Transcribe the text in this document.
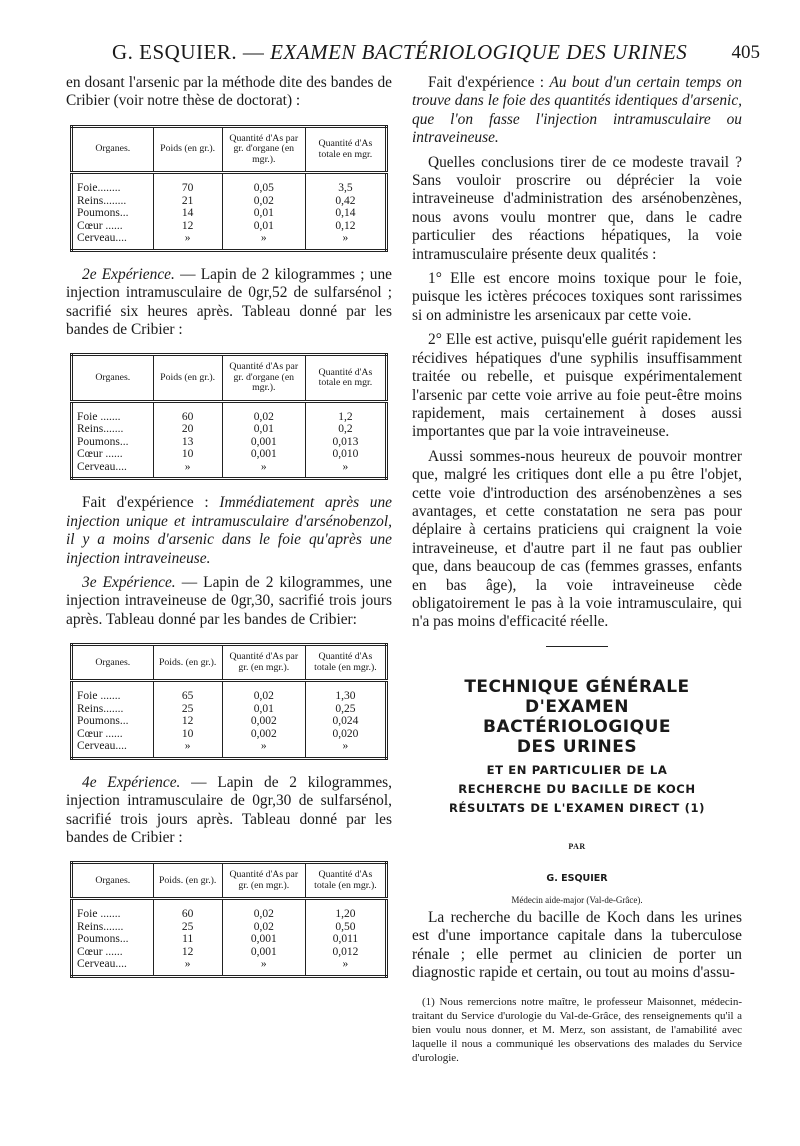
G. ESQUIER. — EXAMEN BACTÉRIOLOGIQUE DES URINES 405

en dosant l'arsenic par la méthode dite des bandes de Cribier (voir notre thèse de doctorat) :

Organes.	Poids (en gr.).	Quantité d'As par gr. d'organe (en mgr.).	Quantité d'As totale en mgr.
Foie........	70	0,05	3,5
Reins........	21	0,02	0,42
Poumons...	14	0,01	0,14
Cœur ......	12	0,01	0,12
Cerveau....	»	»	»

2e Expérience. — Lapin de 2 kilogrammes ; une injection intramusculaire de 0gr,52 de sulfarsénol ; sacrifié six heures après. Tableau donné par les bandes de Cribier :

Organes.	Poids (en gr.).	Quantité d'As par gr. d'organe (en mgr.).	Quantité d'As totale en mgr.
Foie .......	60	0,02	1,2
Reins.......	20	0,01	0,2
Poumons...	13	0,001	0,013
Cœur ......	10	0,001	0,010
Cerveau....	»	»	»

Fait d'expérience : Immédiatement après une injection unique et intramusculaire d'arsénobenzol, il y a moins d'arsenic dans le foie qu'après une injection intraveineuse.

3e Expérience. — Lapin de 2 kilogrammes, une injection intraveineuse de 0gr,30, sacrifié trois jours après. Tableau donné par les bandes de Cribier:

Organes.	Poids. (en gr.).	Quantité d'As par gr. (en mgr.).	Quantité d'As totale (en mgr.).
Foie .......	65	0,02	1,30
Reins.......	25	0,01	0,25
Poumons...	12	0,002	0,024
Cœur ......	10	0,002	0,020
Cerveau....	»	»	»

4e Expérience. — Lapin de 2 kilogrammes, injection intramusculaire de 0gr,30 de sulfarsénol, sacrifié trois jours après. Tableau donné par les bandes de Cribier :

Organes.	Poids. (en gr.).	Quantité d'As par gr. (en mgr.).	Quantité d'As totale (en mgr.).
Foie .......	60	0,02	1,20
Reins.......	25	0,02	0,50
Poumons...	11	0,001	0,011
Cœur ......	12	0,001	0,012
Cerveau....	»	»	»

Fait d'expérience : Au bout d'un certain temps on trouve dans le foie des quantités identiques d'arsenic, que l'on fasse l'injection intramusculaire ou intraveineuse.

Quelles conclusions tirer de ce modeste travail ? Sans vouloir proscrire ou déprécier la voie intraveineuse d'administration des arsénobenzènes, nous avons voulu montrer que, dans le cadre particulier des réactions hépatiques, la voie intramusculaire présente deux qualités :

1° Elle est encore moins toxique pour le foie, puisque les ictères précoces toxiques sont rarissimes si on administre les arsenicaux par cette voie.

2° Elle est active, puisqu'elle guérit rapidement les récidives hépatiques d'une syphilis insuffisamment traitée ou rebelle, et puisque expérimentalement l'arsenic par cette voie arrive au foie peut-être moins rapidement, mais certainement à doses aussi importantes que par la voie intraveineuse.

Aussi sommes-nous heureux de pouvoir montrer que, malgré les critiques dont elle a pu être l'objet, cette voie d'introduction des arsénobenzènes a ses avantages, et cette constatation ne sera pas pour déplaire à certains praticiens qui craignent la voie intraveineuse, et d'autre part il ne faut pas oublier que, dans beaucoup de cas (femmes grasses, enfants en bas âge), la voie intraveineuse cède obligatoirement le pas à la voie intramusculaire, qui n'a pas moins d'efficacité réelle.

TECHNIQUE GÉNÉRALE
D'EXAMEN
BACTÉRIOLOGIQUE
DES URINES
ET EN PARTICULIER DE LA
RECHERCHE DU BACILLE DE KOCH
RÉSULTATS DE L'EXAMEN DIRECT (1)
PAR
G. ESQUIER
Médecin aide-major (Val-de-Grâce).

La recherche du bacille de Koch dans les urines est d'une importance capitale dans la tuberculose rénale ; elle permet au clinicien de porter un diagnostic rapide et certain, ou tout au moins d'assu-

(1) Nous remercions notre maître, le professeur Maisonnet, médecin-traitant du Service d'urologie du Val-de-Grâce, des renseignements qu'il a bien voulu nous donner, et M. Merz, son assistant, de l'amabilité avec laquelle il nous a communiqué les observations des malades du Service d'urologie.
